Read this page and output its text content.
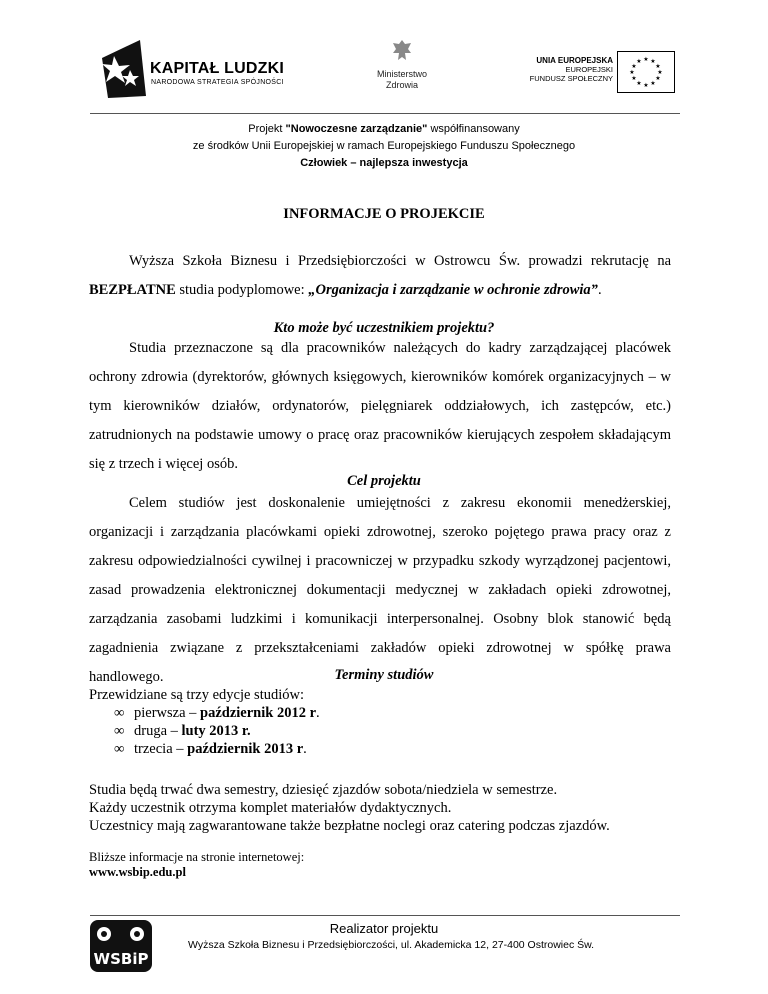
KAPITAŁ LUDZKI
NARODOWA STRATEGIA SPÓJNOŚCI
Ministerstwo
Zdrowia
UNIA EUROPEJSKA
EUROPEJSKI
FUNDUSZ SPOŁECZNY
★ ★
★
★
★
★
★
★
★
★
★
★
Projekt "Nowoczesne zarządzanie" współfinansowany
ze środków Unii Europejskiej w ramach Europejskiego Funduszu Społecznego
Człowiek – najlepsza inwestycja
INFORMACJE O PROJEKCIE
Wyższa Szkoła Biznesu i Przedsiębiorczości w Ostrowcu Św. prowadzi rekrutację na BEZPŁATNE studia podyplomowe: „Organizacja i zarządzanie w ochronie zdrowia”.
Kto może być uczestnikiem projektu?
Studia przeznaczone są dla pracowników należących do kadry zarządzającej placówek ochrony zdrowia (dyrektorów, głównych księgowych, kierowników komórek organizacyjnych – w tym kierowników działów, ordynatorów, pielęgniarek oddziałowych, ich zastępców, etc.) zatrudnionych na podstawie umowy o pracę oraz pracowników kierujących zespołem składającym się z trzech i więcej osób.
Cel projektu
Celem studiów jest doskonalenie umiejętności z zakresu ekonomii menedżerskiej, organizacji i zarządzania placówkami opieki zdrowotnej, szeroko pojętego prawa pracy oraz z zakresu odpowiedzialności cywilnej i pracowniczej w przypadku szkody wyrządzonej pacjentowi, zasad prowadzenia elektronicznej dokumentacji medycznej w zakładach opieki zdrowotnej, zarządzania zasobami ludzkimi i komunikacji interpersonalnej. Osobny blok stanowić będą zagadnienia związane z przekształceniami zakładów opieki zdrowotnej w spółkę prawa handlowego.	Terminy studiów
Przewidziane są trzy edycje studiów:
∞ pierwsza – październik 2012 r.
∞ druga – luty 2013 r.
∞ trzecia – październik 2013 r.
Studia będą trwać dwa semestry, dziesięć zjazdów sobota/niedziela w semestrze.
Każdy uczestnik otrzyma komplet materiałów dydaktycznych.
Uczestnicy mają zagwarantowane także bezpłatne noclegi oraz catering podczas zjazdów.
Bliższe informacje na stronie internetowej:
www.wsbip.edu.pl
Realizator projektu
Wyższa Szkoła Biznesu i Przedsiębiorczości, ul. Akademicka 12, 27-400 Ostrowiec Św.
WSBiP
